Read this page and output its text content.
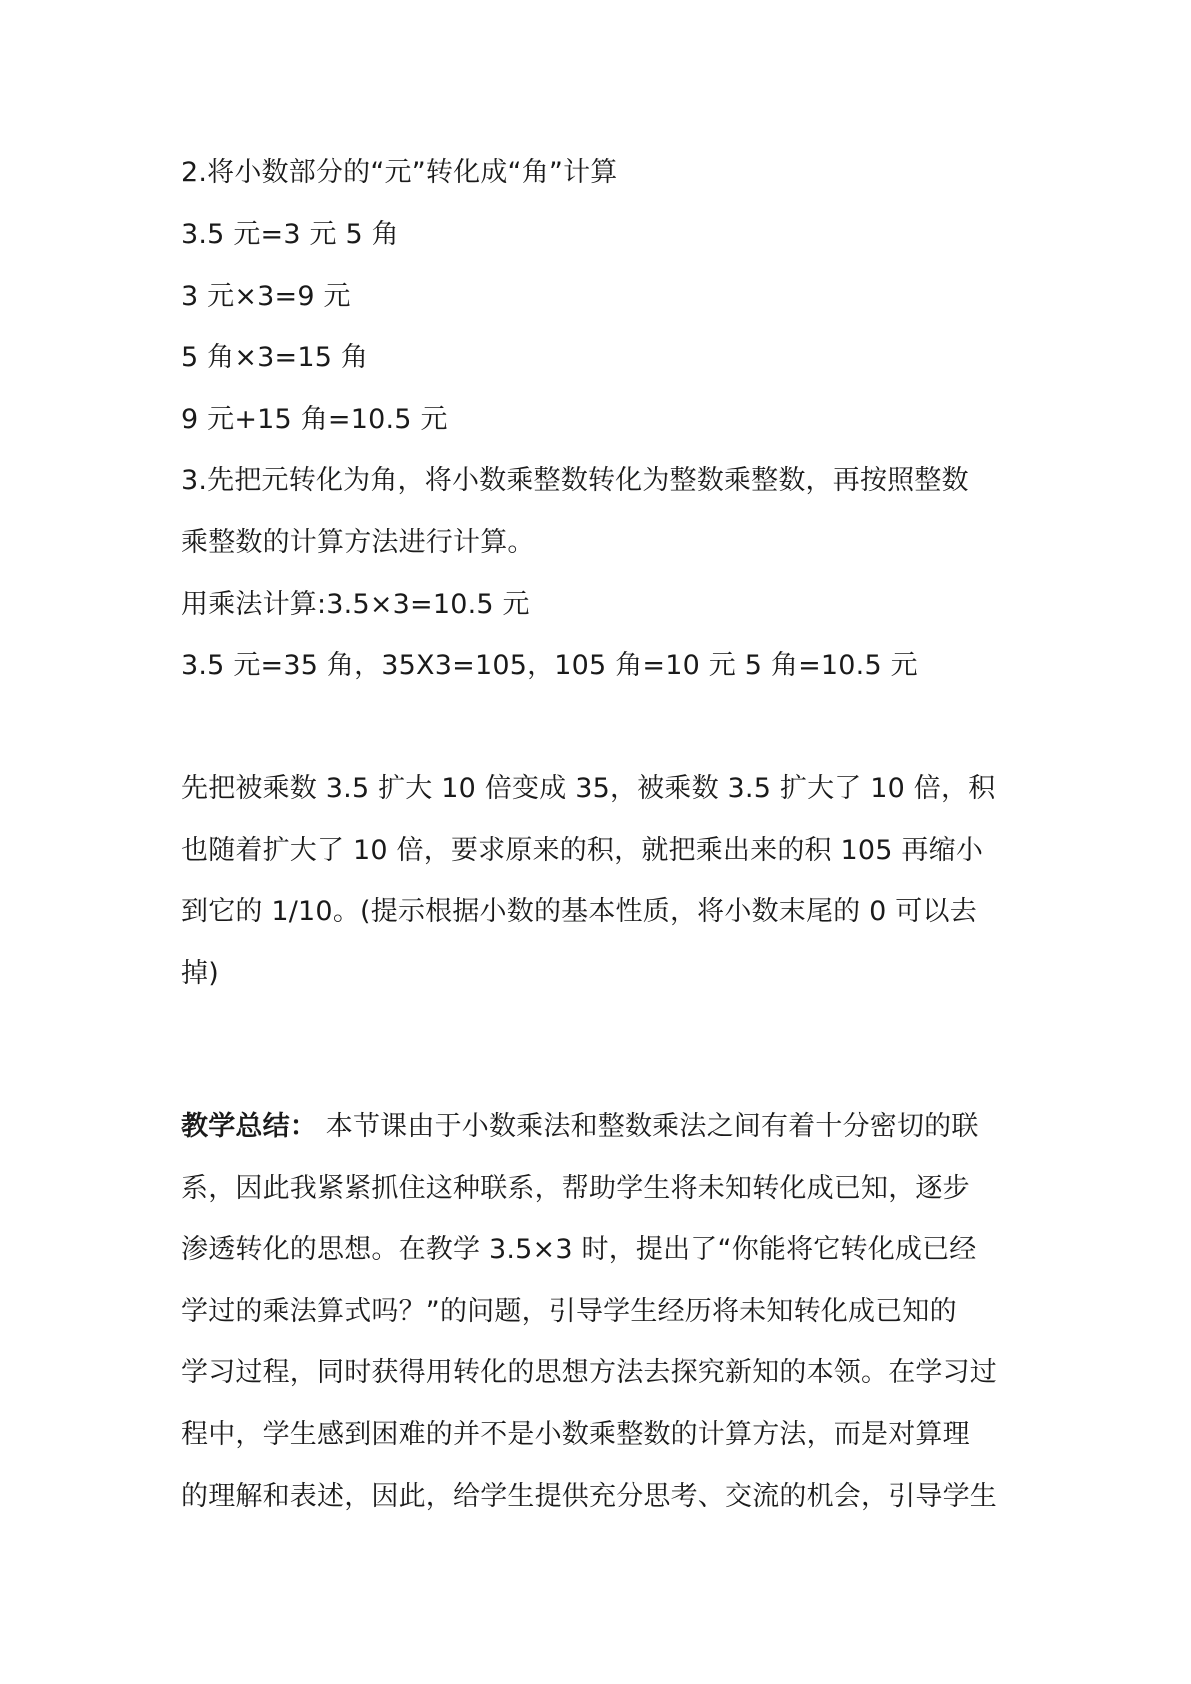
2.将小数部分的“元”转化成“角”计算
3.5 元=3 元 5 角
3 元×3=9 元
5 角×3=15 角
9 元+15 角=10.5 元
3.先把元转化为角，将小数乘整数转化为整数乘整数，再按照整数
乘整数的计算方法进行计算。
用乘法计算:3.5×3=10.5 元
3.5 元=35 角，35X3=105，105 角=10 元 5 角=10.5 元
先把被乘数 3.5 扩大 10 倍变成 35，被乘数 3.5 扩大了 10 倍，积
也随着扩大了 10 倍，要求原来的积，就把乘出来的积 105 再缩小
到它的 1/10。(提示根据小数的基本性质，将小数末尾的 0 可以去
掉)
教学总结： 本节课由于小数乘法和整数乘法之间有着十分密切的联
系，因此我紧紧抓住这种联系，帮助学生将未知转化成已知，逐步
渗透转化的思想。在教学 3.5×3 时，提出了“你能将它转化成已经
学过的乘法算式吗？”的问题，引导学生经历将未知转化成已知的
学习过程，同时获得用转化的思想方法去探究新知的本领。在学习过
程中，学生感到困难的并不是小数乘整数的计算方法，而是对算理
的理解和表述，因此，给学生提供充分思考、交流的机会，引导学生
